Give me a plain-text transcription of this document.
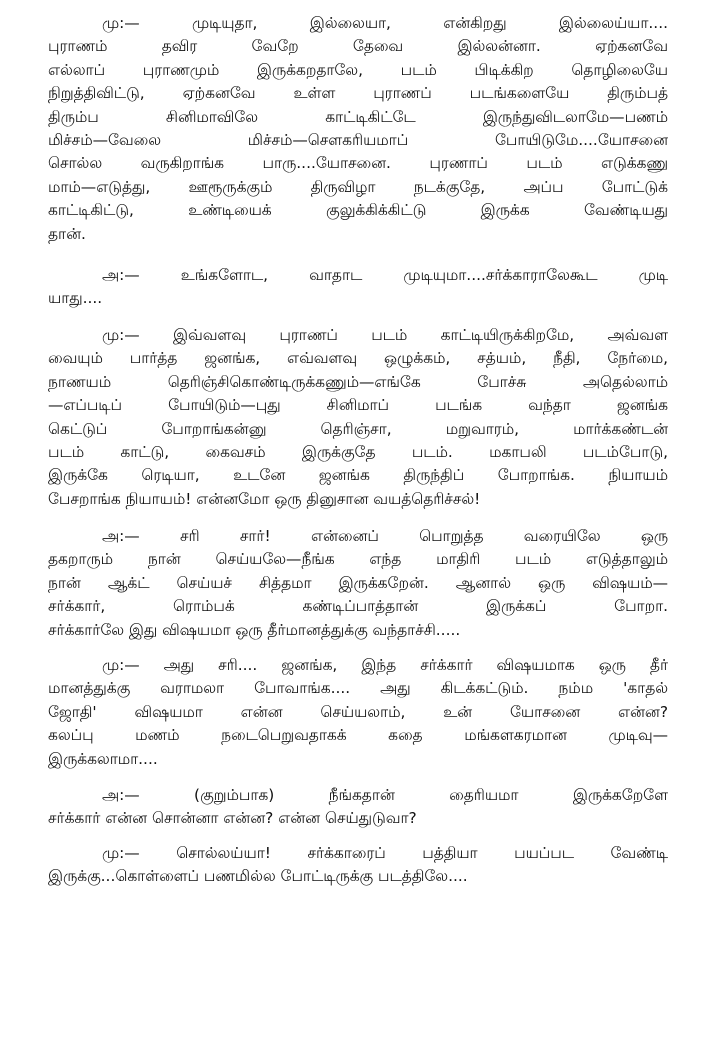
மு:— முடியுதா, இல்லையா, என்கிறது இல்லைய்யா....
புராணம் தவிர வேறே தேவை இல்லன்னா. ஏற்கனவே
எல்லாப் புராணமும் இருக்கறதாலே, படம் பிடிக்கிற தொழிலையே
நிறுத்திவிட்டு, ஏற்கனவே உள்ள புராணப் படங்களையே திரும்பத்
திரும்ப சினிமாவிலே காட்டிகிட்டே இருந்துவிடலாமே—பணம்
மிச்சம்—வேலை மிச்சம்—சௌகரியமாப் போயிடுமே....யோசனை
சொல்ல வருகிறாங்க பாரு....யோசனை. புரணாப் படம் எடுக்கணு
மாம்—எடுத்து, ஊரூருக்கும் திருவிழா நடக்குதே, அப்ப போட்டுக்
காட்டிகிட்டு, உண்டியைக் குலுக்கிக்கிட்டு இருக்க வேண்டியது
தான்.
அ:— உங்களோட, வாதாட முடியுமா....சர்க்காராலேகூட முடி
யாது....
மு:— இவ்வளவு புராணப் படம் காட்டியிருக்கிறமே, அவ்வள
வையும் பார்த்த ஜனங்க, எவ்வளவு ஒழுக்கம், சத்யம், நீதி, நேர்மை,
நாணயம் தெரிஞ்சிகொண்டிருக்கணும்—எங்கே போச்சு அதெல்லாம்
—எப்படிப் போயிடும்—புது சினிமாப் படங்க வந்தா ஜனங்க
கெட்டுப் போறாங்கன்னு தெரிஞ்சா, மறுவாரம், மார்க்கண்டன்
படம் காட்டு, கைவசம் இருக்குதே படம். மகாபலி படம்போடு,
இருக்கே ரெடியா, உடனே ஜனங்க திருந்திப் போறாங்க. நியாயம்
பேசறாங்க நியாயம்! என்னமோ ஒரு தினுசான வயத்தெரிச்சல்!
அ:— சரி சார்! என்னைப் பொறுத்த வரையிலே ஒரு
தகறாரும் நான் செய்யலே—நீங்க எந்த மாதிரி படம் எடுத்தாலும்
நான் ஆக்ட் செய்யச் சித்தமா இருக்கறேன். ஆனால் ஒரு விஷயம்—
சர்க்கார், ரொம்பக் கண்டிப்பாத்தான் இருக்கப் போறா.
சர்க்கார்லே இது விஷயமா ஒரு தீர்மானத்துக்கு வந்தாச்சி.....
மு:— அது சரி.... ஜனங்க, இந்த சர்க்கார் விஷயமாக ஒரு தீர்
மானத்துக்கு வராமலா போவாங்க.... அது கிடக்கட்டும். நம்ம 'காதல்
ஜோதி' விஷயமா என்ன செய்யலாம், உன் யோசனை என்ன?
கலப்பு மணம் நடைபெறுவதாகக் கதை மங்களகரமான முடிவு—
இருக்கலாமா....
அ:— (குறும்பாக) நீங்கதான் தைரியமா இருக்கறேளே
சர்க்கார் என்ன சொன்னா என்ன? என்ன செய்துடுவா?
மு:— சொல்லய்யா! சர்க்காரைப் பத்தியா பயப்பட வேண்டி
இருக்கு...கொள்ளைப் பணமில்ல போட்டிருக்கு படத்திலே....
